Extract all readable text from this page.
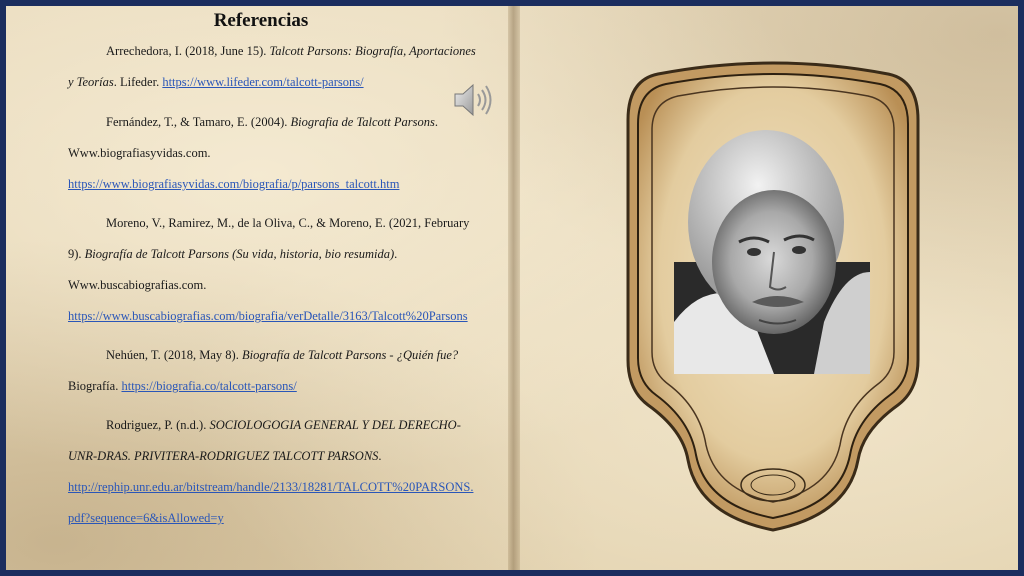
Referencias
Arrechedora, I. (2018, June 15). Talcott Parsons: Biografía, Aportaciones
y Teorías. Lifeder. https://www.lifeder.com/talcott-parsons/
Fernández, T., & Tamaro, E. (2004). Biografia de Talcott Parsons.
Www.biografiasyvidas.com.
https://www.biografiasyvidas.com/biografia/p/parsons_talcott.htm
Moreno, V., Ramirez, M., de la Oliva, C., & Moreno, E. (2021, February
9). Biografía de Talcott Parsons (Su vida, historia, bio resumida).
Www.buscabiografias.com.
https://www.buscabiografias.com/biografia/verDetalle/3163/Talcott%20Parsons
Nehúen, T. (2018, May 8). Biografía de Talcott Parsons - ¿Quién fue?
Biografía. https://biografia.co/talcott-parsons/
Rodriguez, P. (n.d.). SOCIOLOGOGIA GENERAL Y DEL DERECHO-
UNR-DRAS. PRIVITERA-RODRIGUEZ TALCOTT PARSONS.
http://rephip.unr.edu.ar/bitstream/handle/2133/18281/TALCOTT%20PARSONS.
pdf?sequence=6&isAllowed=y
